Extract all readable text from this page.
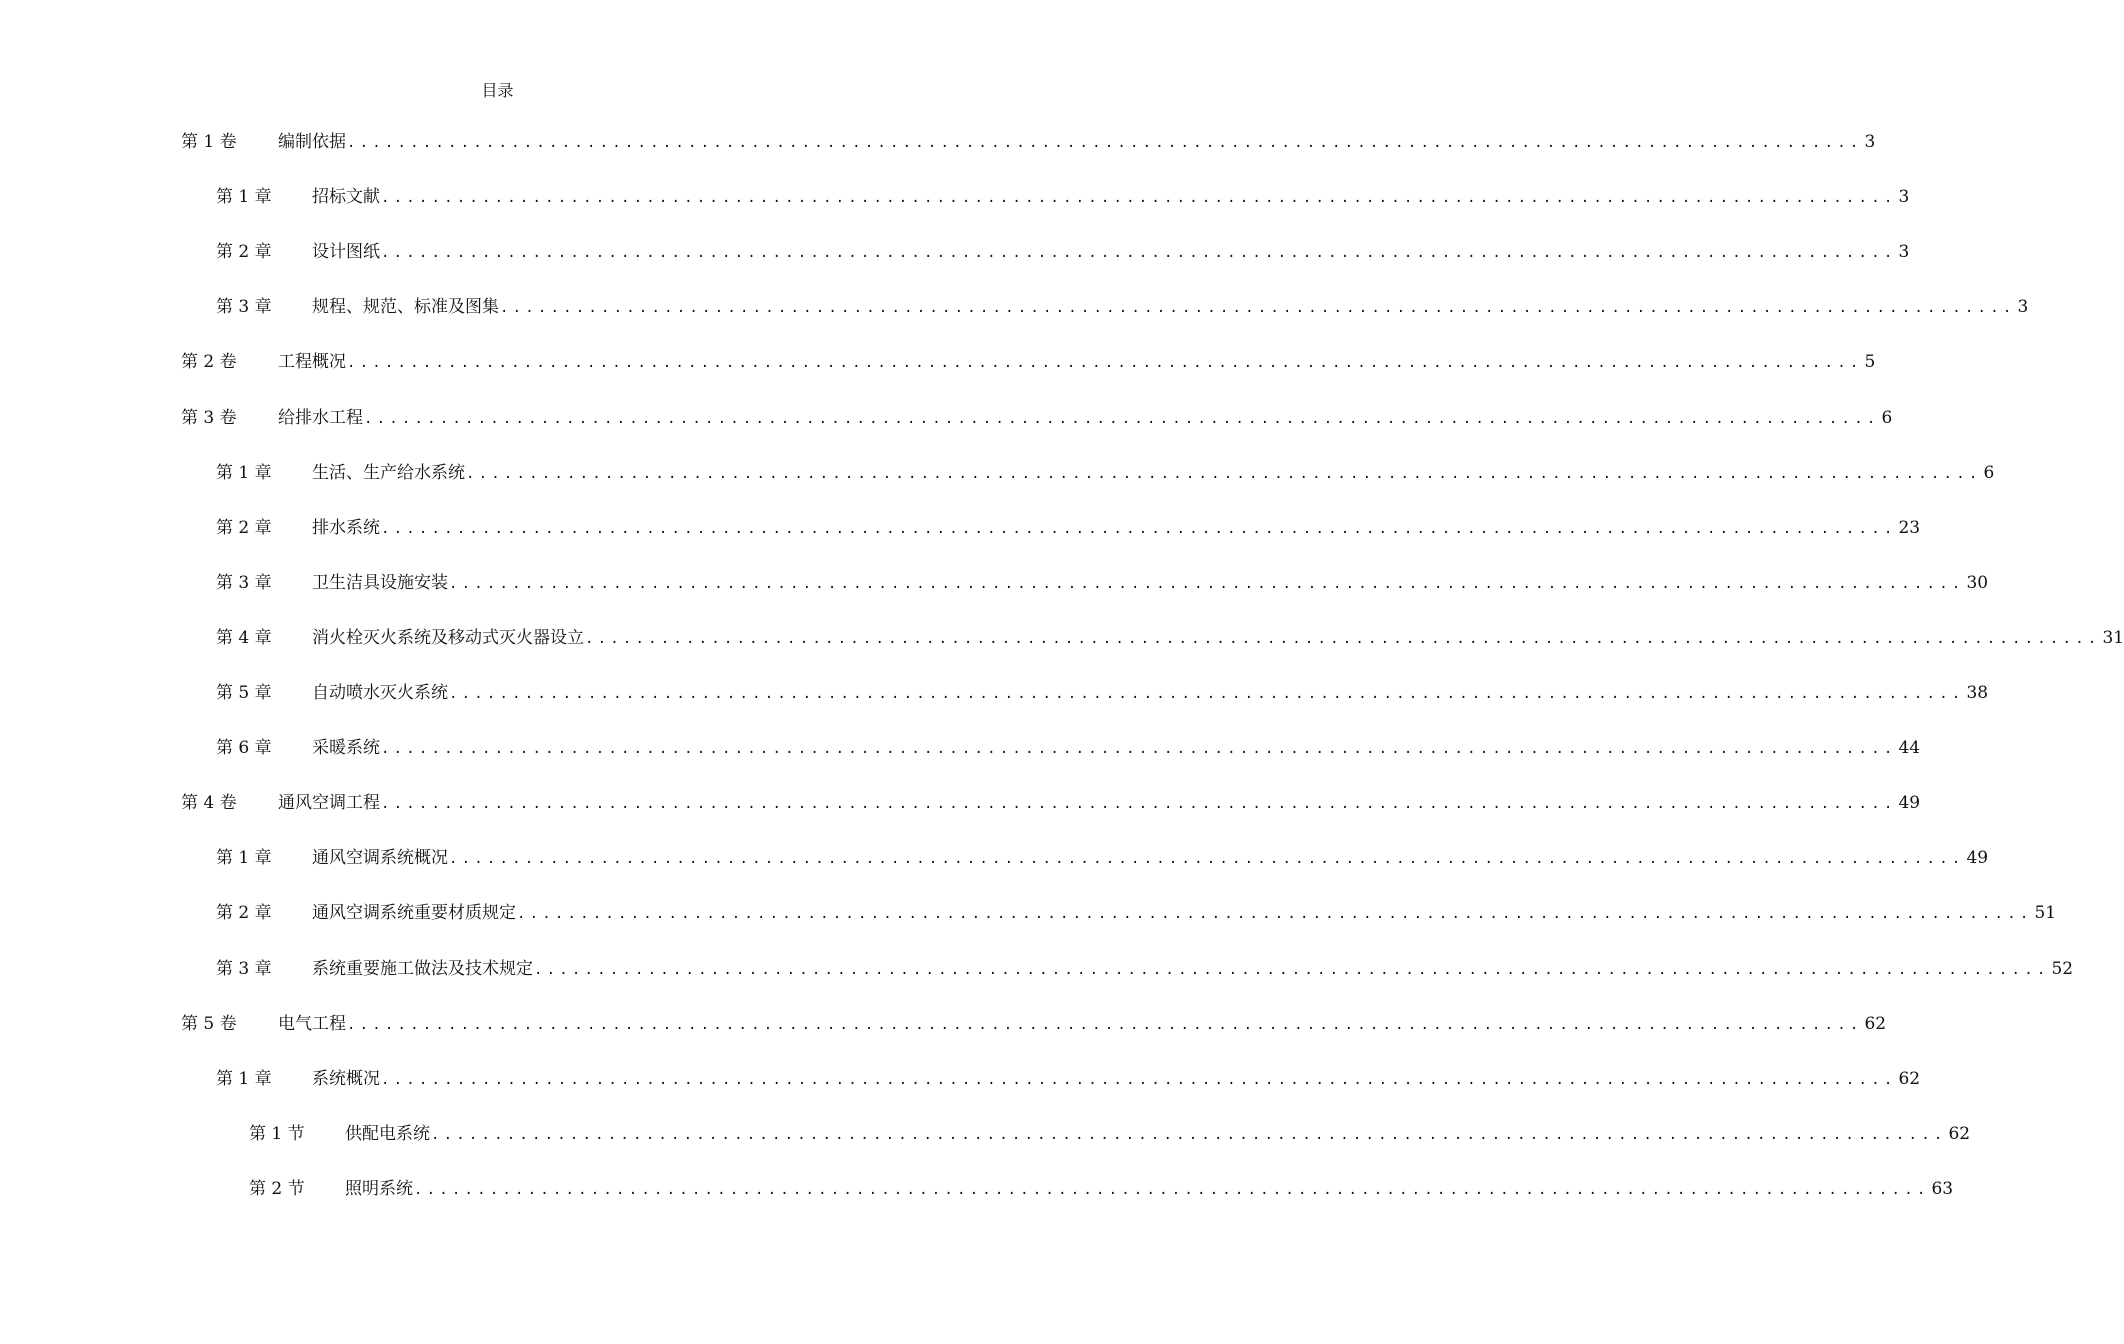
目录
第 1 卷	编制依据 ........................................................................................................................ 3
第 1 章	招标文献 ........................................................................................................................ 3
第 2 章	设计图纸 ........................................................................................................................ 3
第 3 章	规程、规范、标准及图集 ........................................................................................................................ 3
第 2 卷	工程概况 ........................................................................................................................ 5
第 3 卷	给排水工程 ........................................................................................................................ 6
第 1 章	生活、生产给水系统 ........................................................................................................................ 6
第 2 章	排水系统 ........................................................................................................................ 23
第 3 章	卫生洁具设施安装 ........................................................................................................................ 30
第 4 章	消火栓灭火系统及移动式灭火器设立 ........................................................................................................................ 31
第 5 章	自动喷水灭火系统 ........................................................................................................................ 38
第 6 章	采暖系统 ........................................................................................................................ 44
第 4 卷	通风空调工程 ........................................................................................................................ 49
第 1 章	通风空调系统概况 ........................................................................................................................ 49
第 2 章	通风空调系统重要材质规定 ........................................................................................................................ 51
第 3 章	系统重要施工做法及技术规定 ........................................................................................................................ 52
第 5 卷	电气工程 ........................................................................................................................ 62
第 1 章	系统概况 ........................................................................................................................ 62
第 1 节	供配电系统 ........................................................................................................................ 62
第 2 节	照明系统 ........................................................................................................................ 63
